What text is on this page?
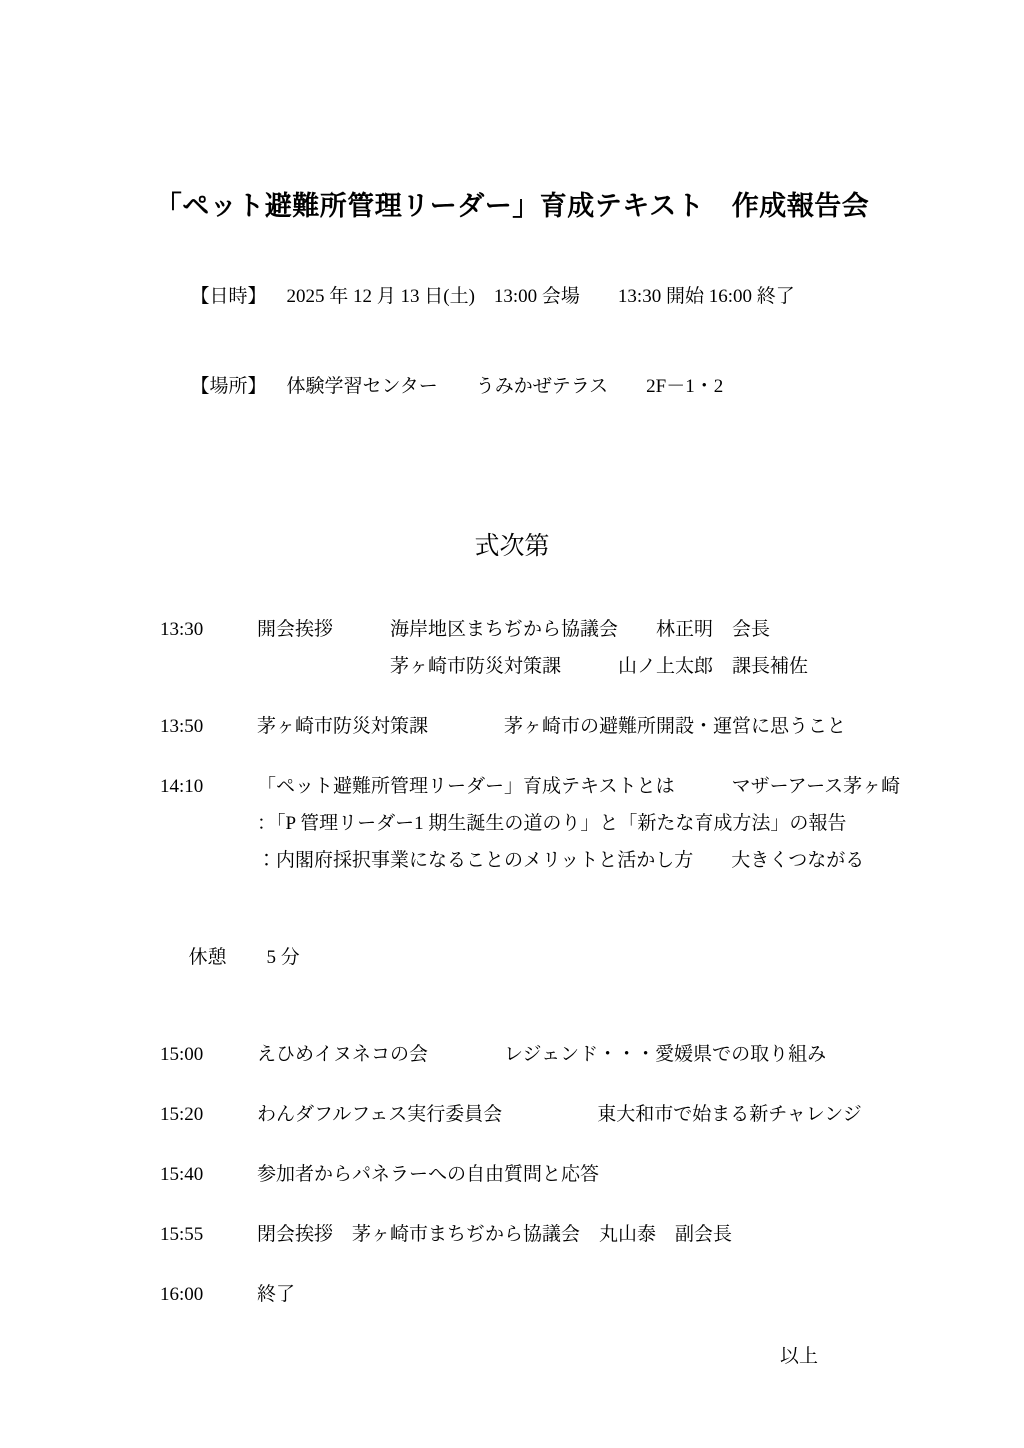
「ペット避難所管理リーダー」育成テキスト　作成報告会

【日時】 2025 年 12 月 13 日(土)　13:00 会場　　13:30 開始 16:00 終了

【場所】 体験学習センター　　うみかぜテラス　　2F－1・2

式次第
13:30	開会挨拶　　　海岸地区まちぢから協議会　　林正明　会長
　　　　　　　茅ヶ崎市防災対策課　　　山ノ上太郎　課長補佐
13:50	茅ヶ崎市防災対策課　　　　茅ヶ崎市の避難所開設・運営に思うこと
14:10	「ペット避難所管理リーダー」育成テキストとは　　　マザーアース茅ヶ崎
：「P 管理リーダー1 期生誕生の道のり」と「新たな育成方法」の報告
：内閣府採択事業になることのメリットと活かし方　　大きくつながる

休憩 5 分

15:00	えひめイヌネコの会　　　　レジェンド・・・愛媛県での取り組み
15:20	わんダフルフェス実行委員会　　　　　東大和市で始まる新チャレンジ
15:40	参加者からパネラーへの自由質問と応答
15:55	閉会挨拶　茅ヶ崎市まちぢから協議会　丸山泰　副会長
16:00	終了
以上
